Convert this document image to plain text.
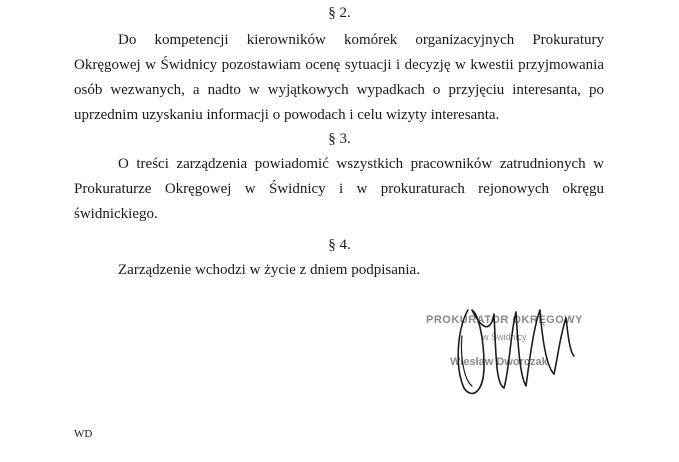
§ 2.
Do kompetencji kierowników komórek organizacyjnych Prokuratury
Okręgowej w Świdnicy pozostawiam ocenę sytuacji i decyzję w kwestii przyjmowania
osób wezwanych, a nadto w wyjątkowych wypadkach o przyjęciu interesanta, po
uprzednim uzyskaniu informacji o powodach i celu wizyty interesanta.
§ 3.
O treści zarządzenia powiadomić wszystkich pracowników zatrudnionych w
Prokuraturze Okręgowej w Świdnicy i w prokuraturach rejonowych okręgu
świdnickiego.
§ 4.
Zarządzenie wchodzi w życie z dniem podpisania.
PROKURATOR OKRĘGOWY
w Świdnicy
Wiesław Dworczak
WD
